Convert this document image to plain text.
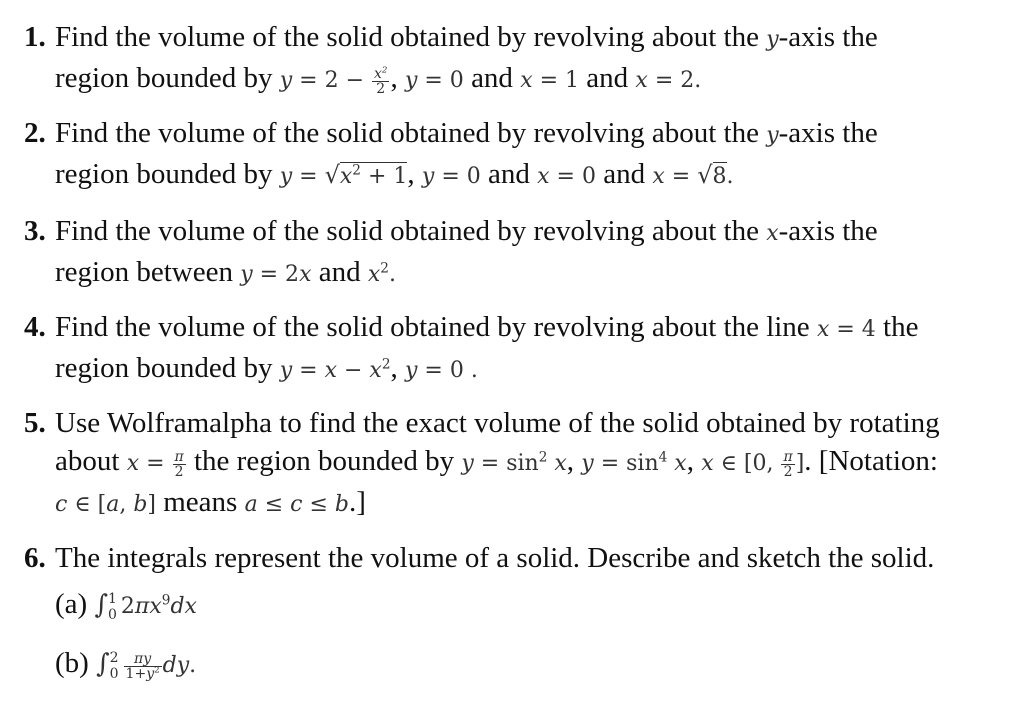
1. Find the volume of the solid obtained by revolving about the y-axis the
region bounded by $y = 2 - \frac{x^2}{2}$ , y = 0 and x = 1 and x = 2.
2. Find the volume of the solid obtained by revolving about the y-axis the
region bounded by $y = √x^2 + 1$, y = 0 and x = 0 and x = √8.
3. Find the volume of the solid obtained by revolving about the x-axis the
region between y = 2x and $x^2$.
4. Find the volume of the solid obtained by revolving about the line x = 4 the
region bounded by $y = x - x^2$, y = 0 .
5. Use Wolframalpha to find the exact volume of the solid obtained by rotating
about $x = \frac{\pi}{2}$ the region bounded by $y = \sin^2 x$, $y = \sin^4 x$, x ∈ [0, $\frac{\pi}{2}$ ]. [Notation:
c ∈ [a, b] means a ≤ c ≤ b.]
6. The integrals represent the volume of a solid. Describe and sketch the solid.
(a) ∫ 1
0 $2\pi x^9dx$
(b) ∫ 2
$0 \frac{\pi y}{1+y^2}$ dy.
